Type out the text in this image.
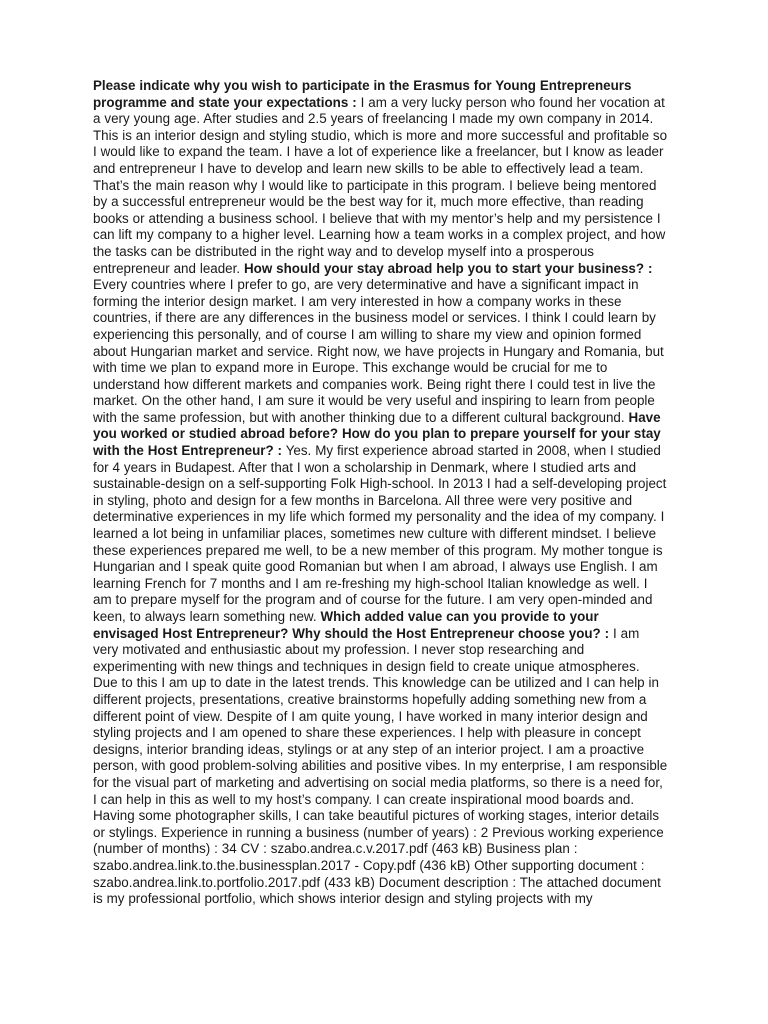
Please indicate why you wish to participate in the Erasmus for Young Entrepreneurs programme and state your expectations : I am a very lucky person who found her vocation at a very young age. After studies and 2.5 years of freelancing I made my own company in 2014. This is an interior design and styling studio, which is more and more successful and profitable so I would like to expand the team. I have a lot of experience like a freelancer, but I know as leader and entrepreneur I have to develop and learn new skills to be able to effectively lead a team. That’s the main reason why I would like to participate in this program. I believe being mentored by a successful entrepreneur would be the best way for it, much more effective, than reading books or attending a business school. I believe that with my mentor’s help and my persistence I can lift my company to a higher level. Learning how a team works in a complex project, and how the tasks can be distributed in the right way and to develop myself into a prosperous entrepreneur and leader. How should your stay abroad help you to start your business? : Every countries where I prefer to go, are very determinative and have a significant impact in forming the interior design market. I am very interested in how a company works in these countries, if there are any differences in the business model or services. I think I could learn by experiencing this personally, and of course I am willing to share my view and opinion formed about Hungarian market and service. Right now, we have projects in Hungary and Romania, but with time we plan to expand more in Europe. This exchange would be crucial for me to understand how different markets and companies work. Being right there I could test in live the market. On the other hand, I am sure it would be very useful and inspiring to learn from people with the same profession, but with another thinking due to a different cultural background. Have you worked or studied abroad before? How do you plan to prepare yourself for your stay with the Host Entrepreneur? : Yes. My first experience abroad started in 2008, when I studied for 4 years in Budapest. After that I won a scholarship in Denmark, where I studied arts and sustainable-design on a self-supporting Folk High-school. In 2013 I had a self-developing project in styling, photo and design for a few months in Barcelona. All three were very positive and determinative experiences in my life which formed my personality and the idea of my company. I learned a lot being in unfamiliar places, sometimes new culture with different mindset. I believe these experiences prepared me well, to be a new member of this program. My mother tongue is Hungarian and I speak quite good Romanian but when I am abroad, I always use English. I am learning French for 7 months and I am re-freshing my high-school Italian knowledge as well. I am to prepare myself for the program and of course for the future. I am very open-minded and keen, to always learn something new. Which added value can you provide to your envisaged Host Entrepreneur? Why should the Host Entrepreneur choose you? : I am very motivated and enthusiastic about my profession. I never stop researching and experimenting with new things and techniques in design field to create unique atmospheres. Due to this I am up to date in the latest trends. This knowledge can be utilized and I can help in different projects, presentations, creative brainstorms hopefully adding something new from a different point of view. Despite of I am quite young, I have worked in many interior design and styling projects and I am opened to share these experiences. I help with pleasure in concept designs, interior branding ideas, stylings or at any step of an interior project. I am a proactive person, with good problem-solving abilities and positive vibes. In my enterprise, I am responsible for the visual part of marketing and advertising on social media platforms, so there is a need for, I can help in this as well to my host’s company. I can create inspirational mood boards and. Having some photographer skills, I can take beautiful pictures of working stages, interior details or stylings. Experience in running a business (number of years) : 2 Previous working experience (number of months) : 34 CV : szabo.andrea.c.v.2017.pdf (463 kB) Business plan : szabo.andrea.link.to.the.businessplan.2017 - Copy.pdf (436 kB) Other supporting document : szabo.andrea.link.to.portfolio.2017.pdf (433 kB) Document description : The attached document is my professional portfolio, which shows interior design and styling projects with my
